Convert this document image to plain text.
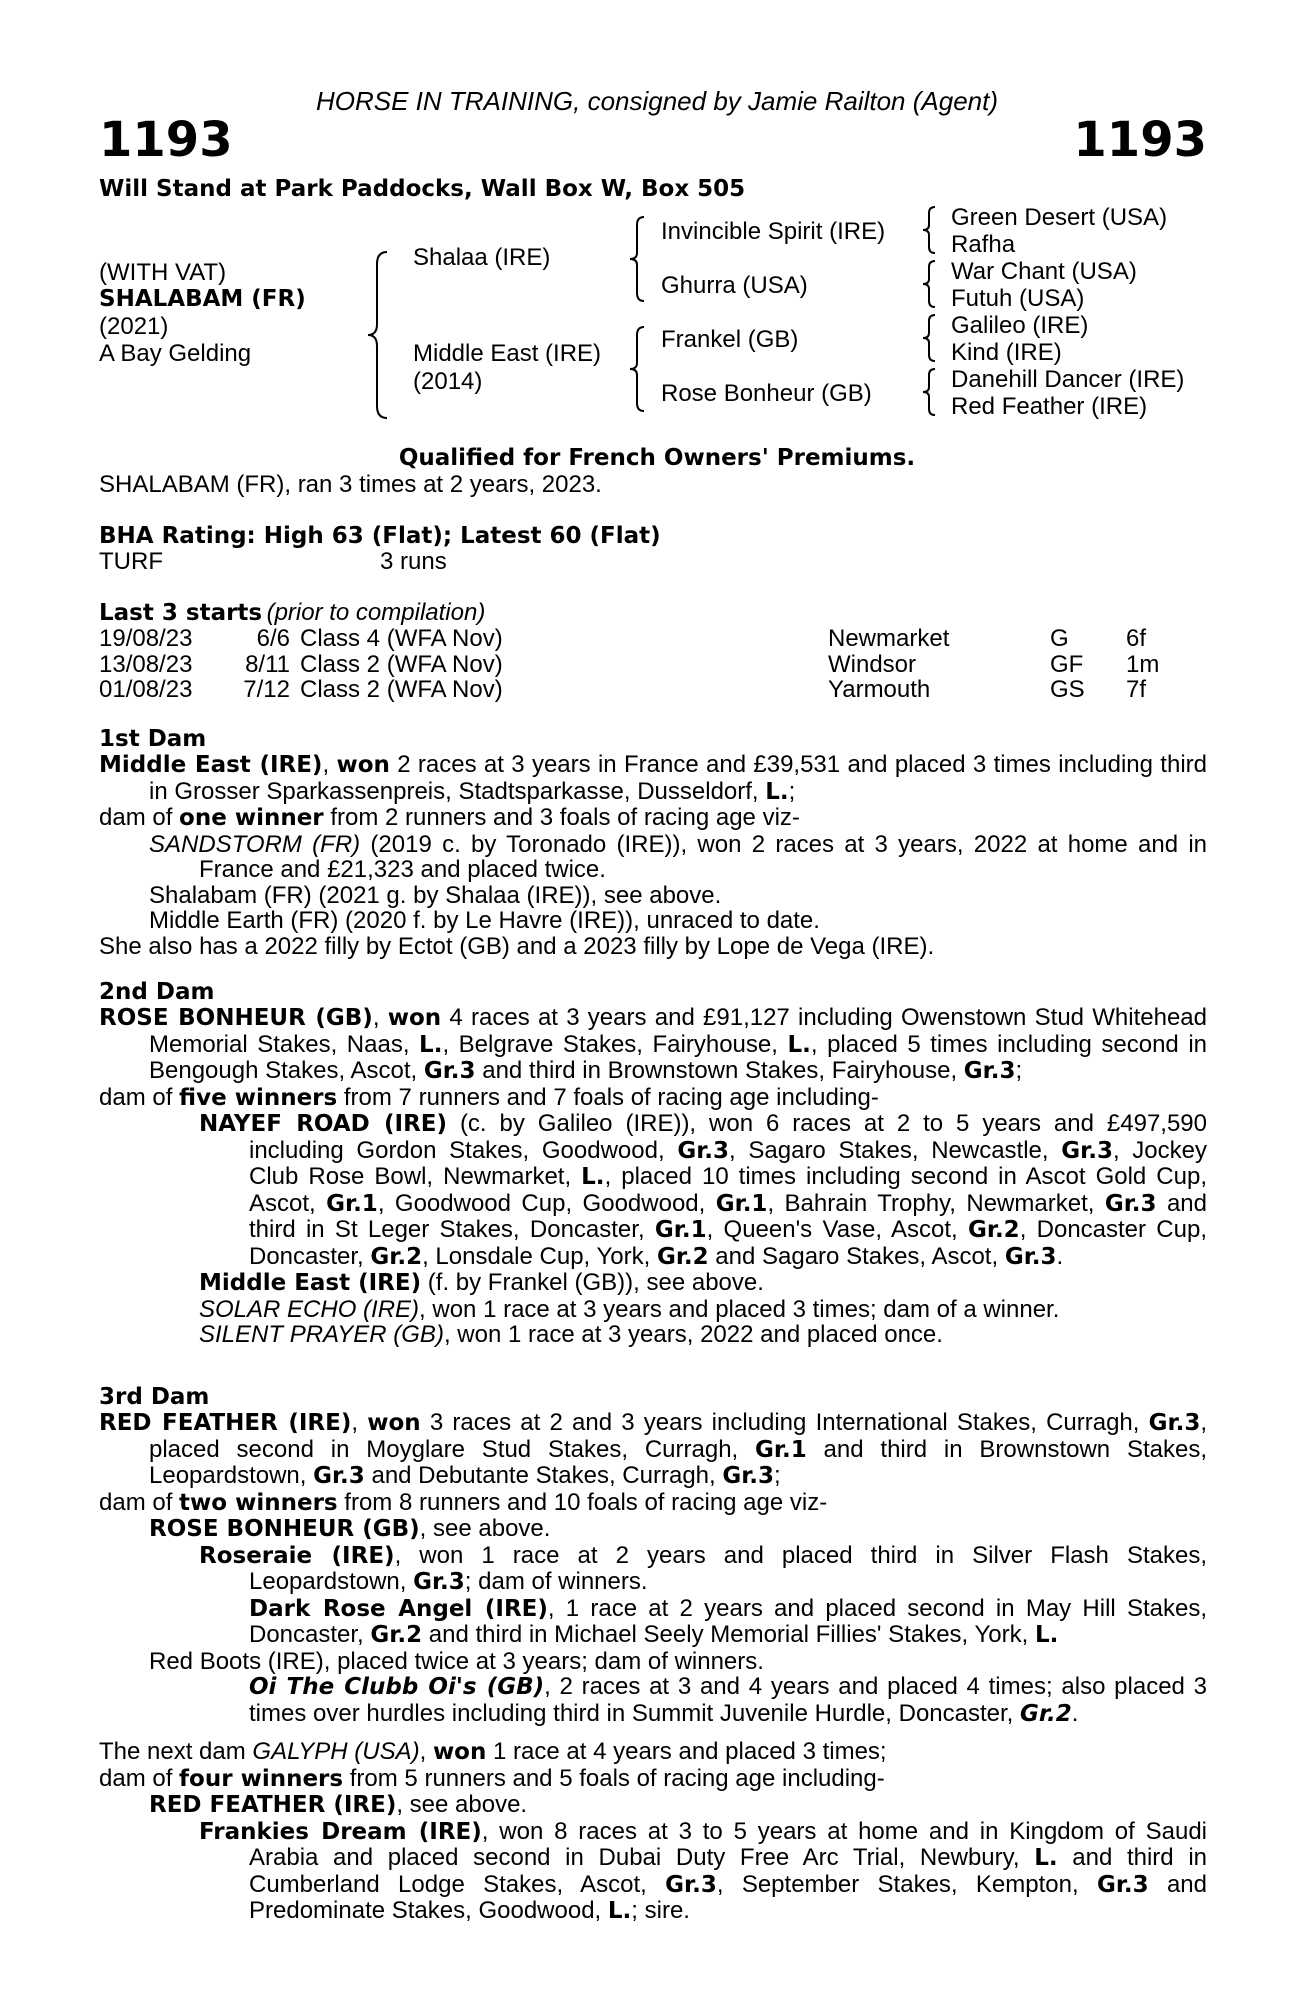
HORSE IN TRAINING, consigned by Jamie Railton (Agent)
1193	1193
Will Stand at Park Paddocks, Wall Box W, Box 505
(WITH VAT)
SHALABAM (FR)
(2021)
A Bay Gelding
Shalaa (IRE)
Middle East (IRE)
(2014)
Invincible Spirit (IRE)
Ghurra (USA)
Frankel (GB)
Rose Bonheur (GB)
Green Desert (USA)
Rafha
War Chant (USA)
Futuh (USA)
Galileo (IRE)
Kind (IRE)
Danehill Dancer (IRE)
Red Feather (IRE)
Qualified for French Owners' Premiums.
SHALABAM (FR), ran 3 times at 2 years, 2023.
BHA Rating: High 63 (Flat); Latest 60 (Flat)
TURF	3 runs
Last 3 starts (prior to compilation)
19/08/23	6/6	Class 4 (WFA Nov)	Newmarket	G	6f
13/08/23	8/11	Class 2 (WFA Nov)	Windsor	GF	1m
01/08/23	7/12	Class 2 (WFA Nov)	Yarmouth	GS	7f
1st Dam
Middle East (IRE), won 2 races at 3 years in France and £39,531 and placed 3 times including third in Grosser Sparkassenpreis, Stadtsparkasse, Dusseldorf, L.;
dam of one winner from 2 runners and 3 foals of racing age viz-
SANDSTORM (FR) (2019 c. by Toronado (IRE)), won 2 races at 3 years, 2022 at home and in France and £21,323 and placed twice.
Shalabam (FR) (2021 g. by Shalaa (IRE)), see above.
Middle Earth (FR) (2020 f. by Le Havre (IRE)), unraced to date.
She also has a 2022 filly by Ectot (GB) and a 2023 filly by Lope de Vega (IRE).
2nd Dam
ROSE BONHEUR (GB), won 4 races at 3 years and £91,127 including Owenstown Stud Whitehead Memorial Stakes, Naas, L., Belgrave Stakes, Fairyhouse, L., placed 5 times including second in Bengough Stakes, Ascot, Gr.3 and third in Brownstown Stakes, Fairyhouse, Gr.3;
dam of five winners from 7 runners and 7 foals of racing age including-
NAYEF ROAD (IRE) (c. by Galileo (IRE)), won 6 races at 2 to 5 years and £497,590 including Gordon Stakes, Goodwood, Gr.3, Sagaro Stakes, Newcastle, Gr.3, Jockey Club Rose Bowl, Newmarket, L., placed 10 times including second in Ascot Gold Cup, Ascot, Gr.1, Goodwood Cup, Goodwood, Gr.1, Bahrain Trophy, Newmarket, Gr.3 and third in St Leger Stakes, Doncaster, Gr.1, Queen's Vase, Ascot, Gr.2, Doncaster Cup, Doncaster, Gr.2, Lonsdale Cup, York, Gr.2 and Sagaro Stakes, Ascot, Gr.3.
Middle East (IRE) (f. by Frankel (GB)), see above.
SOLAR ECHO (IRE), won 1 race at 3 years and placed 3 times; dam of a winner.
SILENT PRAYER (GB), won 1 race at 3 years, 2022 and placed once.
3rd Dam
RED FEATHER (IRE), won 3 races at 2 and 3 years including International Stakes, Curragh, Gr.3, placed second in Moyglare Stud Stakes, Curragh, Gr.1 and third in Brownstown Stakes, Leopardstown, Gr.3 and Debutante Stakes, Curragh, Gr.3;
dam of two winners from 8 runners and 10 foals of racing age viz-
ROSE BONHEUR (GB), see above.
Roseraie (IRE), won 1 race at 2 years and placed third in Silver Flash Stakes, Leopardstown, Gr.3; dam of winners.
Dark Rose Angel (IRE), 1 race at 2 years and placed second in May Hill Stakes, Doncaster, Gr.2 and third in Michael Seely Memorial Fillies' Stakes, York, L.
Red Boots (IRE), placed twice at 3 years; dam of winners.
Oi The Clubb Oi's (GB), 2 races at 3 and 4 years and placed 4 times; also placed 3 times over hurdles including third in Summit Juvenile Hurdle, Doncaster, Gr.2.
The next dam GALYPH (USA), won 1 race at 4 years and placed 3 times;
dam of four winners from 5 runners and 5 foals of racing age including-
RED FEATHER (IRE), see above.
Frankies Dream (IRE), won 8 races at 3 to 5 years at home and in Kingdom of Saudi Arabia and placed second in Dubai Duty Free Arc Trial, Newbury, L. and third in Cumberland Lodge Stakes, Ascot, Gr.3, September Stakes, Kempton, Gr.3 and Predominate Stakes, Goodwood, L.; sire.
